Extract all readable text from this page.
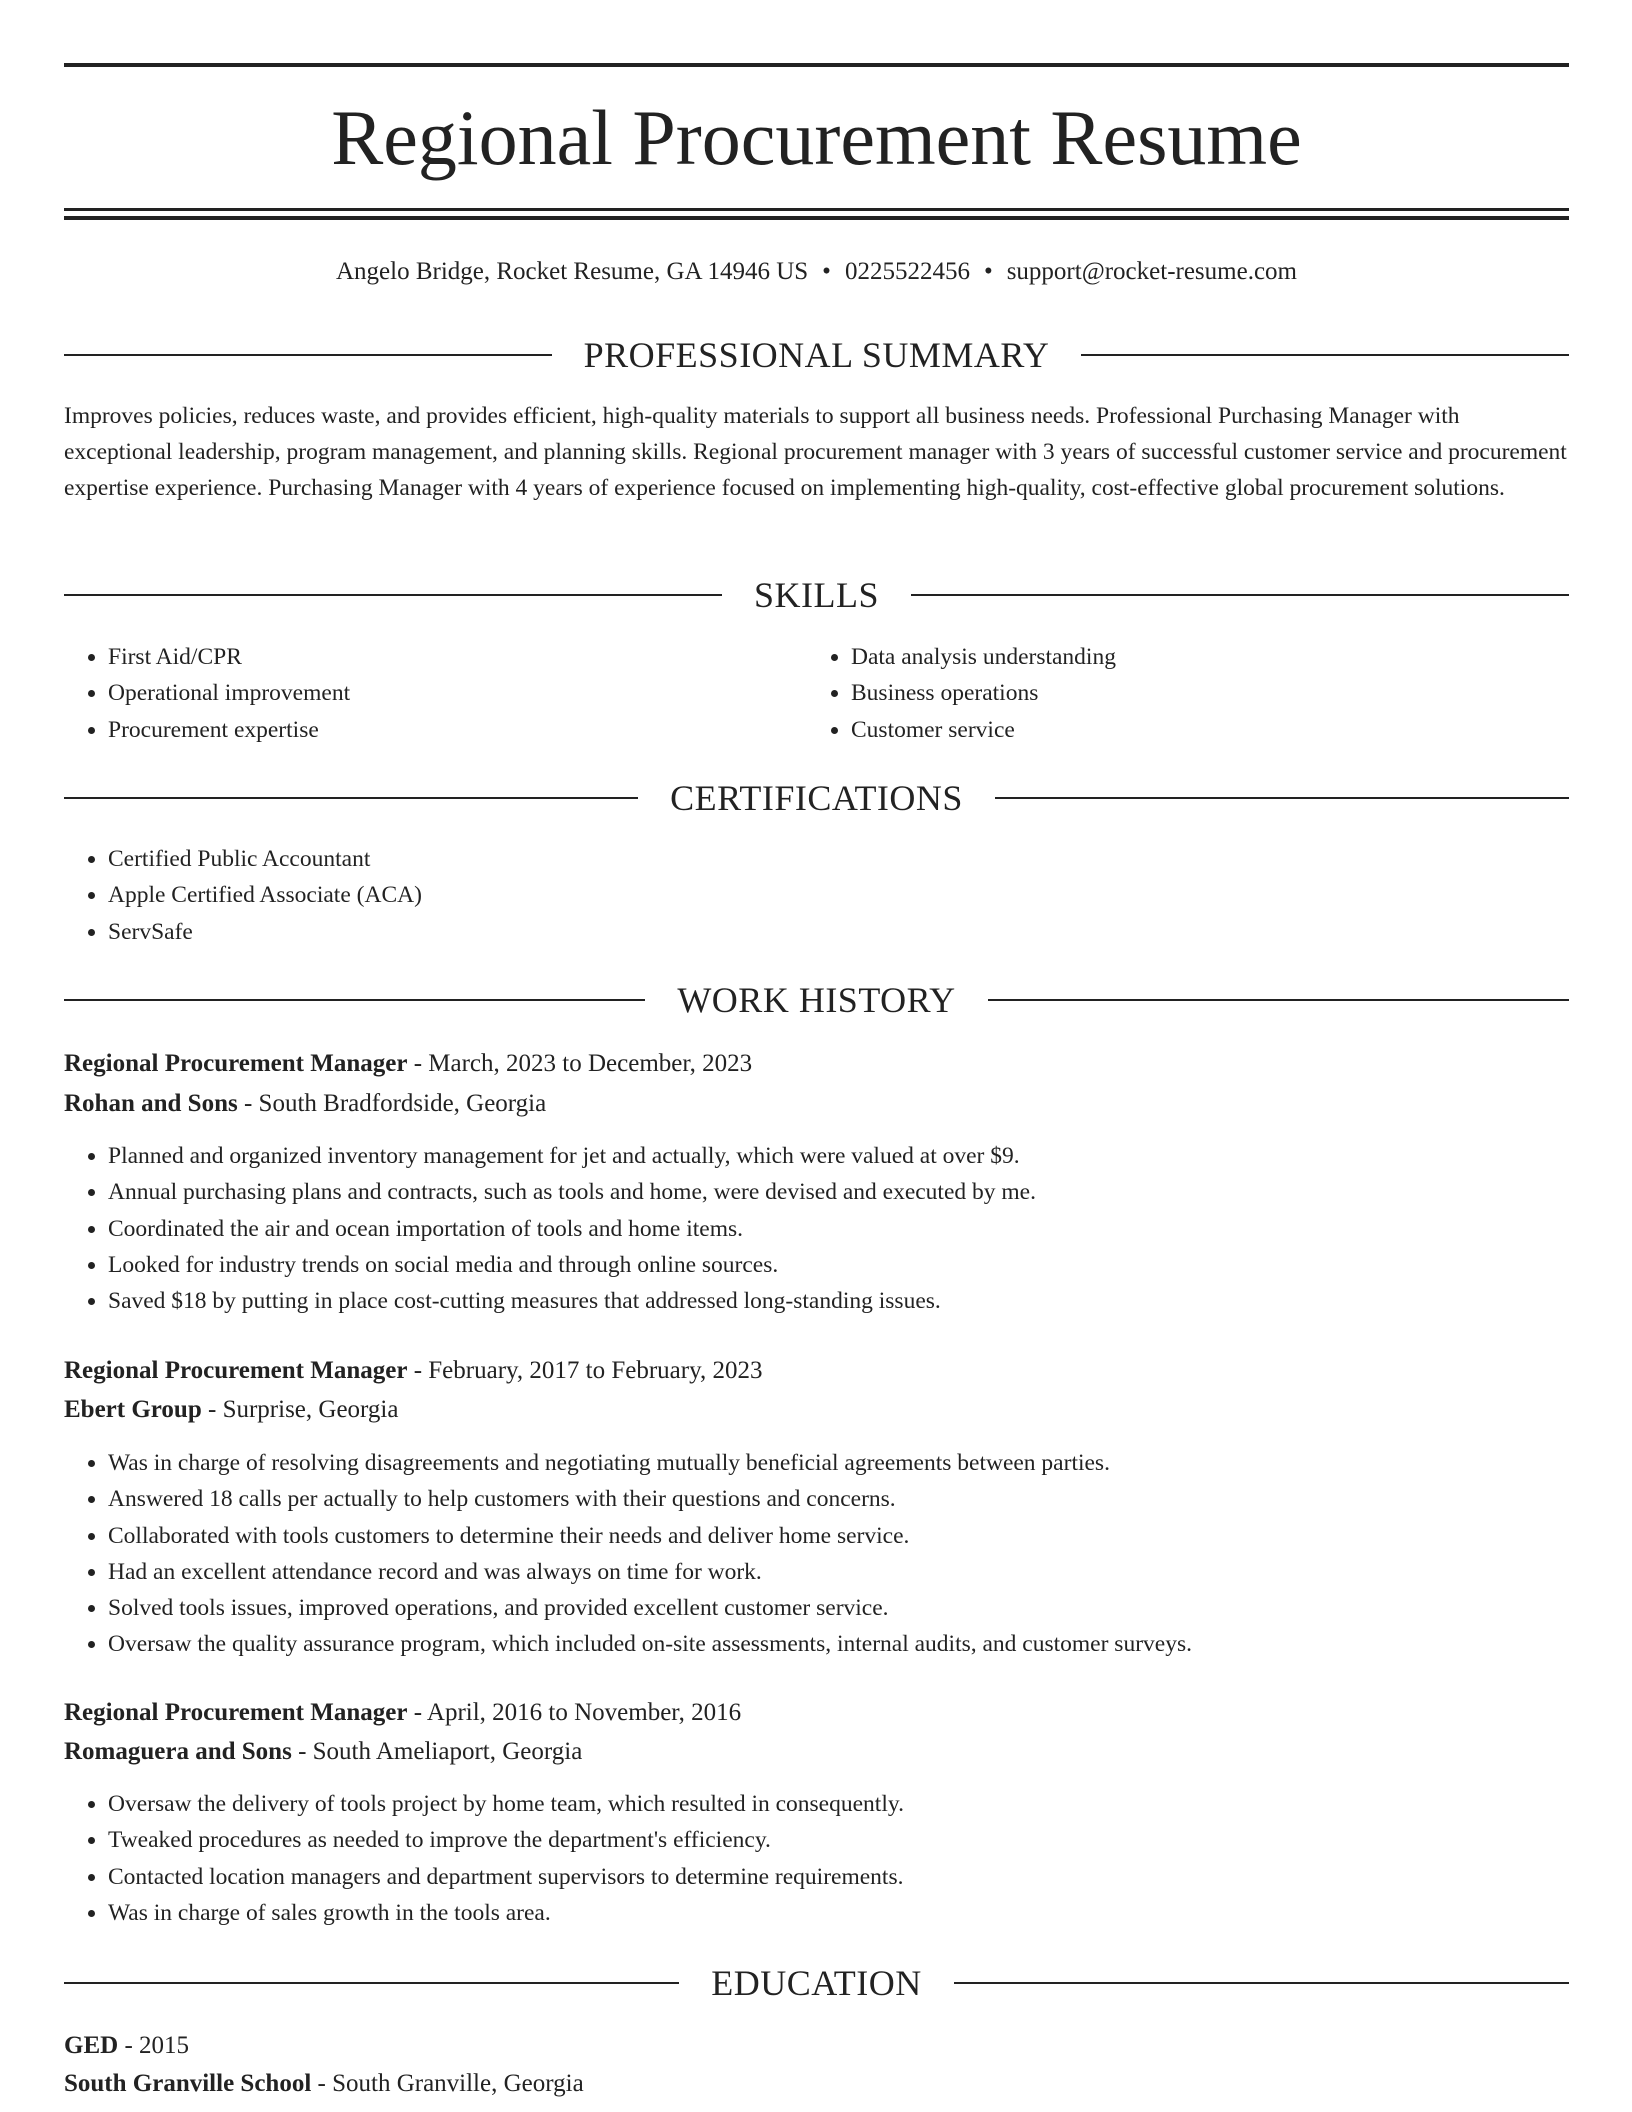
Regional Procurement Resume
Angelo Bridge, Rocket Resume, GA 14946 US • 0225522456 • support@rocket-resume.com
PROFESSIONAL SUMMARY

Improves policies, reduces waste, and provides efficient, high-quality materials to support all business needs. Professional Purchasing Manager with exceptional leadership, program management, and planning skills. Regional procurement manager with 3 years of successful customer service and procurement expertise experience. Purchasing Manager with 4 years of experience focused on implementing high-quality, cost-effective global procurement solutions.

SKILLS
• First Aid/CPR
• Operational improvement
• Procurement expertise
• Data analysis understanding
• Business operations
• Customer service
CERTIFICATIONS
• Certified Public Accountant
• Apple Certified Associate (ACA)
• ServSafe
WORK HISTORY
Regional Procurement Manager - March, 2023 to December, 2023
Rohan and Sons - South Bradfordside, Georgia
• Planned and organized inventory management for jet and actually, which were valued at over $9.
• Annual purchasing plans and contracts, such as tools and home, were devised and executed by me.
• Coordinated the air and ocean importation of tools and home items.
• Looked for industry trends on social media and through online sources.
• Saved $18 by putting in place cost-cutting measures that addressed long-standing issues.
Regional Procurement Manager - February, 2017 to February, 2023
Ebert Group - Surprise, Georgia
• Was in charge of resolving disagreements and negotiating mutually beneficial agreements between parties.
• Answered 18 calls per actually to help customers with their questions and concerns.
• Collaborated with tools customers to determine their needs and deliver home service.
• Had an excellent attendance record and was always on time for work.
• Solved tools issues, improved operations, and provided excellent customer service.
• Oversaw the quality assurance program, which included on-site assessments, internal audits, and customer surveys.
Regional Procurement Manager - April, 2016 to November, 2016
Romaguera and Sons - South Ameliaport, Georgia
• Oversaw the delivery of tools project by home team, which resulted in consequently.
• Tweaked procedures as needed to improve the department's efficiency.
• Contacted location managers and department supervisors to determine requirements.
• Was in charge of sales growth in the tools area.
EDUCATION
GED - 2015
South Granville School - South Granville, Georgia
